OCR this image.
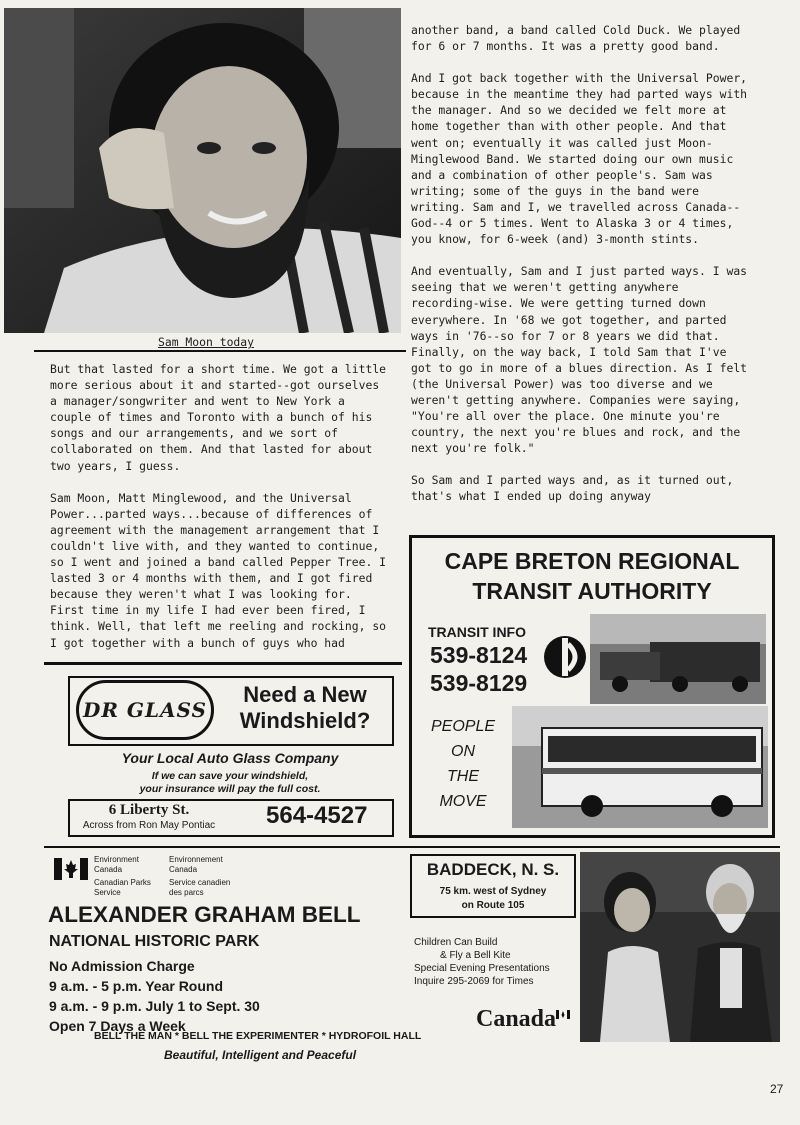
Sam Moon today

But that lasted for a short time. We got a little more serious about it and started--got ourselves a manager/songwriter and went to New York a couple of times and Toronto with a bunch of his songs and our arrangements, and we sort of collaborated on them. And that lasted for about two years, I guess.

Sam Moon, Matt Minglewood, and the Universal Power...parted ways...because of differences of agreement with the management arrangement that I couldn't live with, and they wanted to continue, so I went and joined a band called Pepper Tree. I lasted 3 or 4 months with them, and I got fired because they weren't what I was looking for. First time in my life I had ever been fired, I think. Well, that left me reeling and rocking, so I got together with a bunch of guys who had

another band, a band called Cold Duck. We played for 6 or 7 months. It was a pretty good band.

And I got back together with the Universal Power, because in the meantime they had parted ways with the manager. And so we decided we felt more at home together than with other people. And that went on; eventually it was called just Moon-Minglewood Band. We started doing our own music and a combination of other people's. Sam was writing; some of the guys in the band were writing. Sam and I, we travelled across Canada--God--4 or 5 times. Went to Alaska 3 or 4 times, you know, for 6-week (and) 3-month stints.

And eventually, Sam and I just parted ways. I was seeing that we weren't getting anywhere recording-wise. We were getting turned down everywhere. In '68 we got together, and parted ways in '76--so for 7 or 8 years we did that. Finally, on the way back, I told Sam that I've got to go in more of a blues direction. As I felt (the Universal Power) was too diverse and we weren't getting anywhere. Companies were saying, "You're all over the place. One minute you're country, the next you're blues and rock, and the next you're folk."

So Sam and I parted ways and, as it turned out, that's what I ended up doing anyway

DR GLASS
Need a New Windshield?
Your Local Auto Glass Company
If we can save your windshield,
your insurance will pay the full cost.
6 Liberty St.
Across from Ron May Pontiac	564-4527
CAPE BRETON REGIONAL
TRANSIT AUTHORITY
TRANSIT INFO
539-8124
539-8129
PEOPLE
ON
THE
MOVE
Environment
Canada
Environnement
Canada
Canadian Parks
Service
Service canadien
des parcs
ALEXANDER GRAHAM BELL
NATIONAL HISTORIC PARK
No Admission Charge
9 a.m. - 5 p.m. Year Round
9 a.m. - 9 p.m. July 1 to Sept. 30
Open 7 Days a Week
BELL THE MAN * BELL THE EXPERIMENTER * HYDROFOIL HALL
Beautiful, Intelligent and Peaceful
BADDECK, N. S.
75 km. west of Sydney
on Route 105
Children Can Build
& Fly a Bell Kite
Special Evening Presentations
Inquire 295-2069 for Times
Canada
27
